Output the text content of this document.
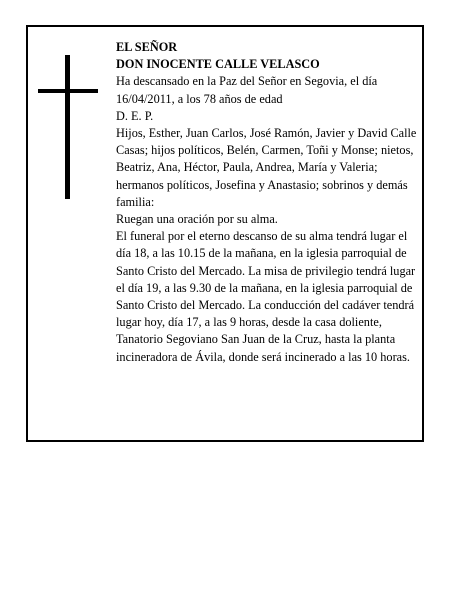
EL SEÑOR

DON INOCENTE CALLE VELASCO

Ha descansado en la Paz del Señor en Segovia, el día 16/04/2011, a los 78 años de edad

D. E. P.

Hijos, Esther, Juan Carlos, José Ramón, Javier y David Calle Casas; hijos políticos, Belén, Carmen, Toñi y Monse; nietos, Beatriz, Ana, Héctor, Paula, Andrea, María y Valeria; hermanos políticos, Josefina y Anastasio; sobrinos y demás familia:

Ruegan una oración por su alma.

El funeral por el eterno descanso de su alma tendrá lugar el día 18, a las 10.15 de la mañana, en la iglesia parroquial de Santo Cristo del Mercado. La misa de privilegio tendrá lugar el día 19, a las 9.30 de la mañana, en la iglesia parroquial de Santo Cristo del Mercado. La conducción del cadáver tendrá lugar hoy, día 17, a las 9 horas, desde la casa doliente, Tanatorio Segoviano San Juan de la Cruz, hasta la planta incineradora de Ávila, donde será incinerado a las 10 horas.
